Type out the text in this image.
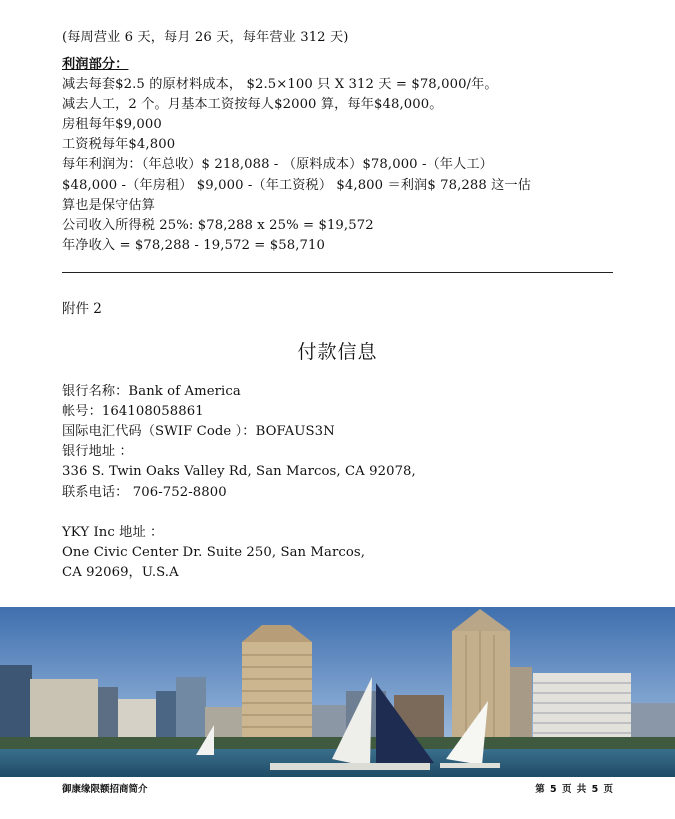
(每周营业 6 天，每月 26 天，每年营业 312 天)
利润部分：
减去每套$2.5 的原材料成本， $2.5×100 只 X 312 天 = $78,000/年。
减去人工，2 个。月基本工资按每人$2000 算，每年$48,000。
房租每年$9,000
工资税每年$4,800
每年利润为：（年总收）$ 218,088 - （原料成本）$78,000 -（年人工）
$48,000 -（年房租） $9,000 -（年工资税） $4,800 ＝利润$ 78,288 这一估
算也是保守估算
公司收入所得税 25%: $78,288 x 25% = $19,572
年净收入 = $78,288 - 19,572 = $58,710
附件 2
付款信息
银行名称：Bank of America
帐号：164108058861
国际电汇代码（SWIF Code ）：BOFAUS3N
银行地址 ：
336 S. Twin Oaks Valley Rd, San Marcos, CA 92078,
联系电话： 706-752-8800
YKY Inc 地址 ：
One Civic Center Dr. Suite 250, San Marcos,
CA 92069，U.S.A
御康缘限额招商简介	第 5 页 共 5 页
